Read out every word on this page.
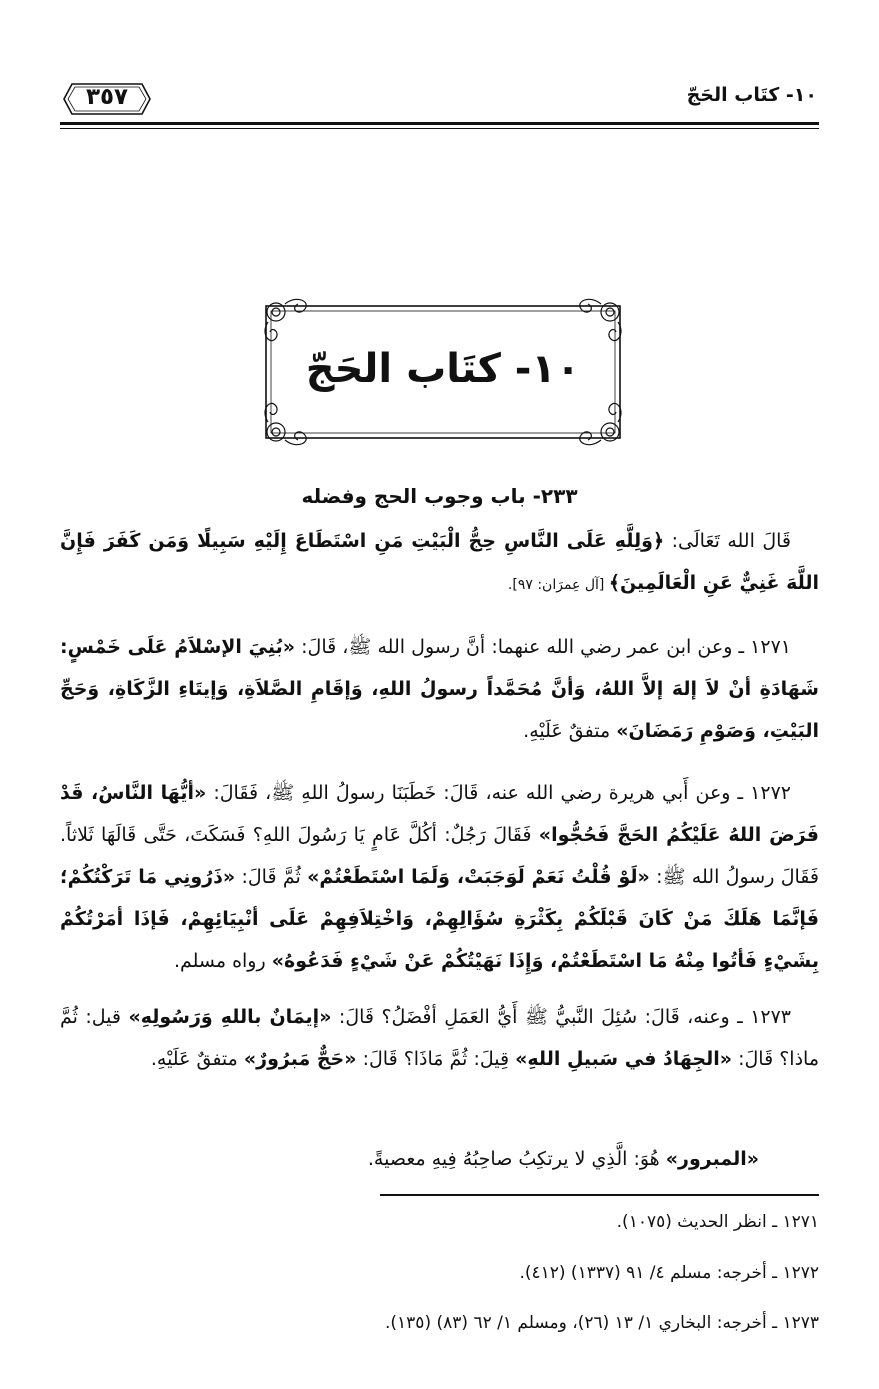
١٠- كتَاب الحَجّ
٣٥٧
١٠- كتَاب الحَجّ
٢٣٣- باب وجوب الحج وفضله
قَالَ الله تَعَالَى: ﴿وَلِلَّهِ عَلَى النَّاسِ حِجُّ الْبَيْتِ مَنِ اسْتَطَاعَ إِلَيْهِ سَبِيلًا وَمَن كَفَرَ فَإِنَّ اللَّهَ غَنِيٌّ عَنِ الْعَالَمِينَ﴾ [آل عِمرَان: ٩٧].
١٢٧١ ـ وعن ابن عمر رضي الله عنهما: أنَّ رسول الله ﷺ، قَالَ: «بُنِيَ الإسْلاَمُ عَلَى خَمْسٍ: شَهَادَةِ أنْ لاَ إلهَ إلاَّ اللهُ، وَأنَّ مُحَمَّداً رسولُ اللهِ، وَإقَامِ الصَّلاَةِ، وَإيتَاءِ الزَّكَاةِ، وَحَجِّ البَيْتِ، وَصَوْمِ رَمَضَانَ» متفقٌ عَلَيْهِ.
١٢٧٢ ـ وعن أَبي هريرة رضي الله عنه، قَالَ: خَطَبَنَا رسولُ اللهِ ﷺ، فَقَالَ: «أيُّهَا النَّاسُ، قَدْ فَرَضَ اللهُ عَلَيْكُمُ الحَجَّ فَحُجُّوا» فَقَالَ رَجُلٌ: أكُلَّ عَامٍ يَا رَسُولَ اللهِ؟ فَسَكَتَ، حَتَّى قَالَهَا ثَلاثاً. فَقَالَ رسولُ الله ﷺ: «لَوْ قُلْتُ نَعَمْ لَوَجَبَتْ، وَلَمَا اسْتَطَعْتُمْ» ثُمَّ قَالَ: «ذَرُونِي مَا تَرَكْتُكُمْ؛ فَإنَّمَا هَلَكَ مَنْ كَانَ قَبْلَكُمْ بِكَثْرَةِ سُؤَالِهِمْ، وَاخْتِلاَفِهِمْ عَلَى أنْبِيَائِهِمْ، فَإذَا أمَرْتُكُمْ بِشَيْءٍ فَأتُوا مِنْهُ مَا اسْتَطَعْتُمْ، وَإِذَا نَهَيْتُكُمْ عَنْ شَيْءٍ فَدَعُوهُ» رواه مسلم.
١٢٧٣ ـ وعنه، قَالَ: سُئِلَ النَّبيُّ ﷺ أَيُّ العَمَلِ أفْضَلُ؟ قَالَ: «إيمَانٌ باللهِ وَرَسُولِهِ» قيل: ثُمَّ ماذا؟ قَالَ: «الجِهَادُ في سَبيلِ اللهِ» قِيلَ: ثُمَّ مَاذَا؟ قَالَ: «حَجٌّ مَبرُورٌ» متفقٌ عَلَيْهِ.
«المبرور» هُوَ: الَّذِي لا يرتكِبُ صاحِبُهُ فِيهِ معصيةً.
١٢٧١ ـ انظر الحديث (١٠٧٥).
١٢٧٢ ـ أخرجه: مسلم ٤/ ٩١ (١٣٣٧) (٤١٢).
١٢٧٣ ـ أخرجه: البخاري ١/ ١٣ (٢٦)، ومسلم ١/ ٦٢ (٨٣) (١٣٥).
